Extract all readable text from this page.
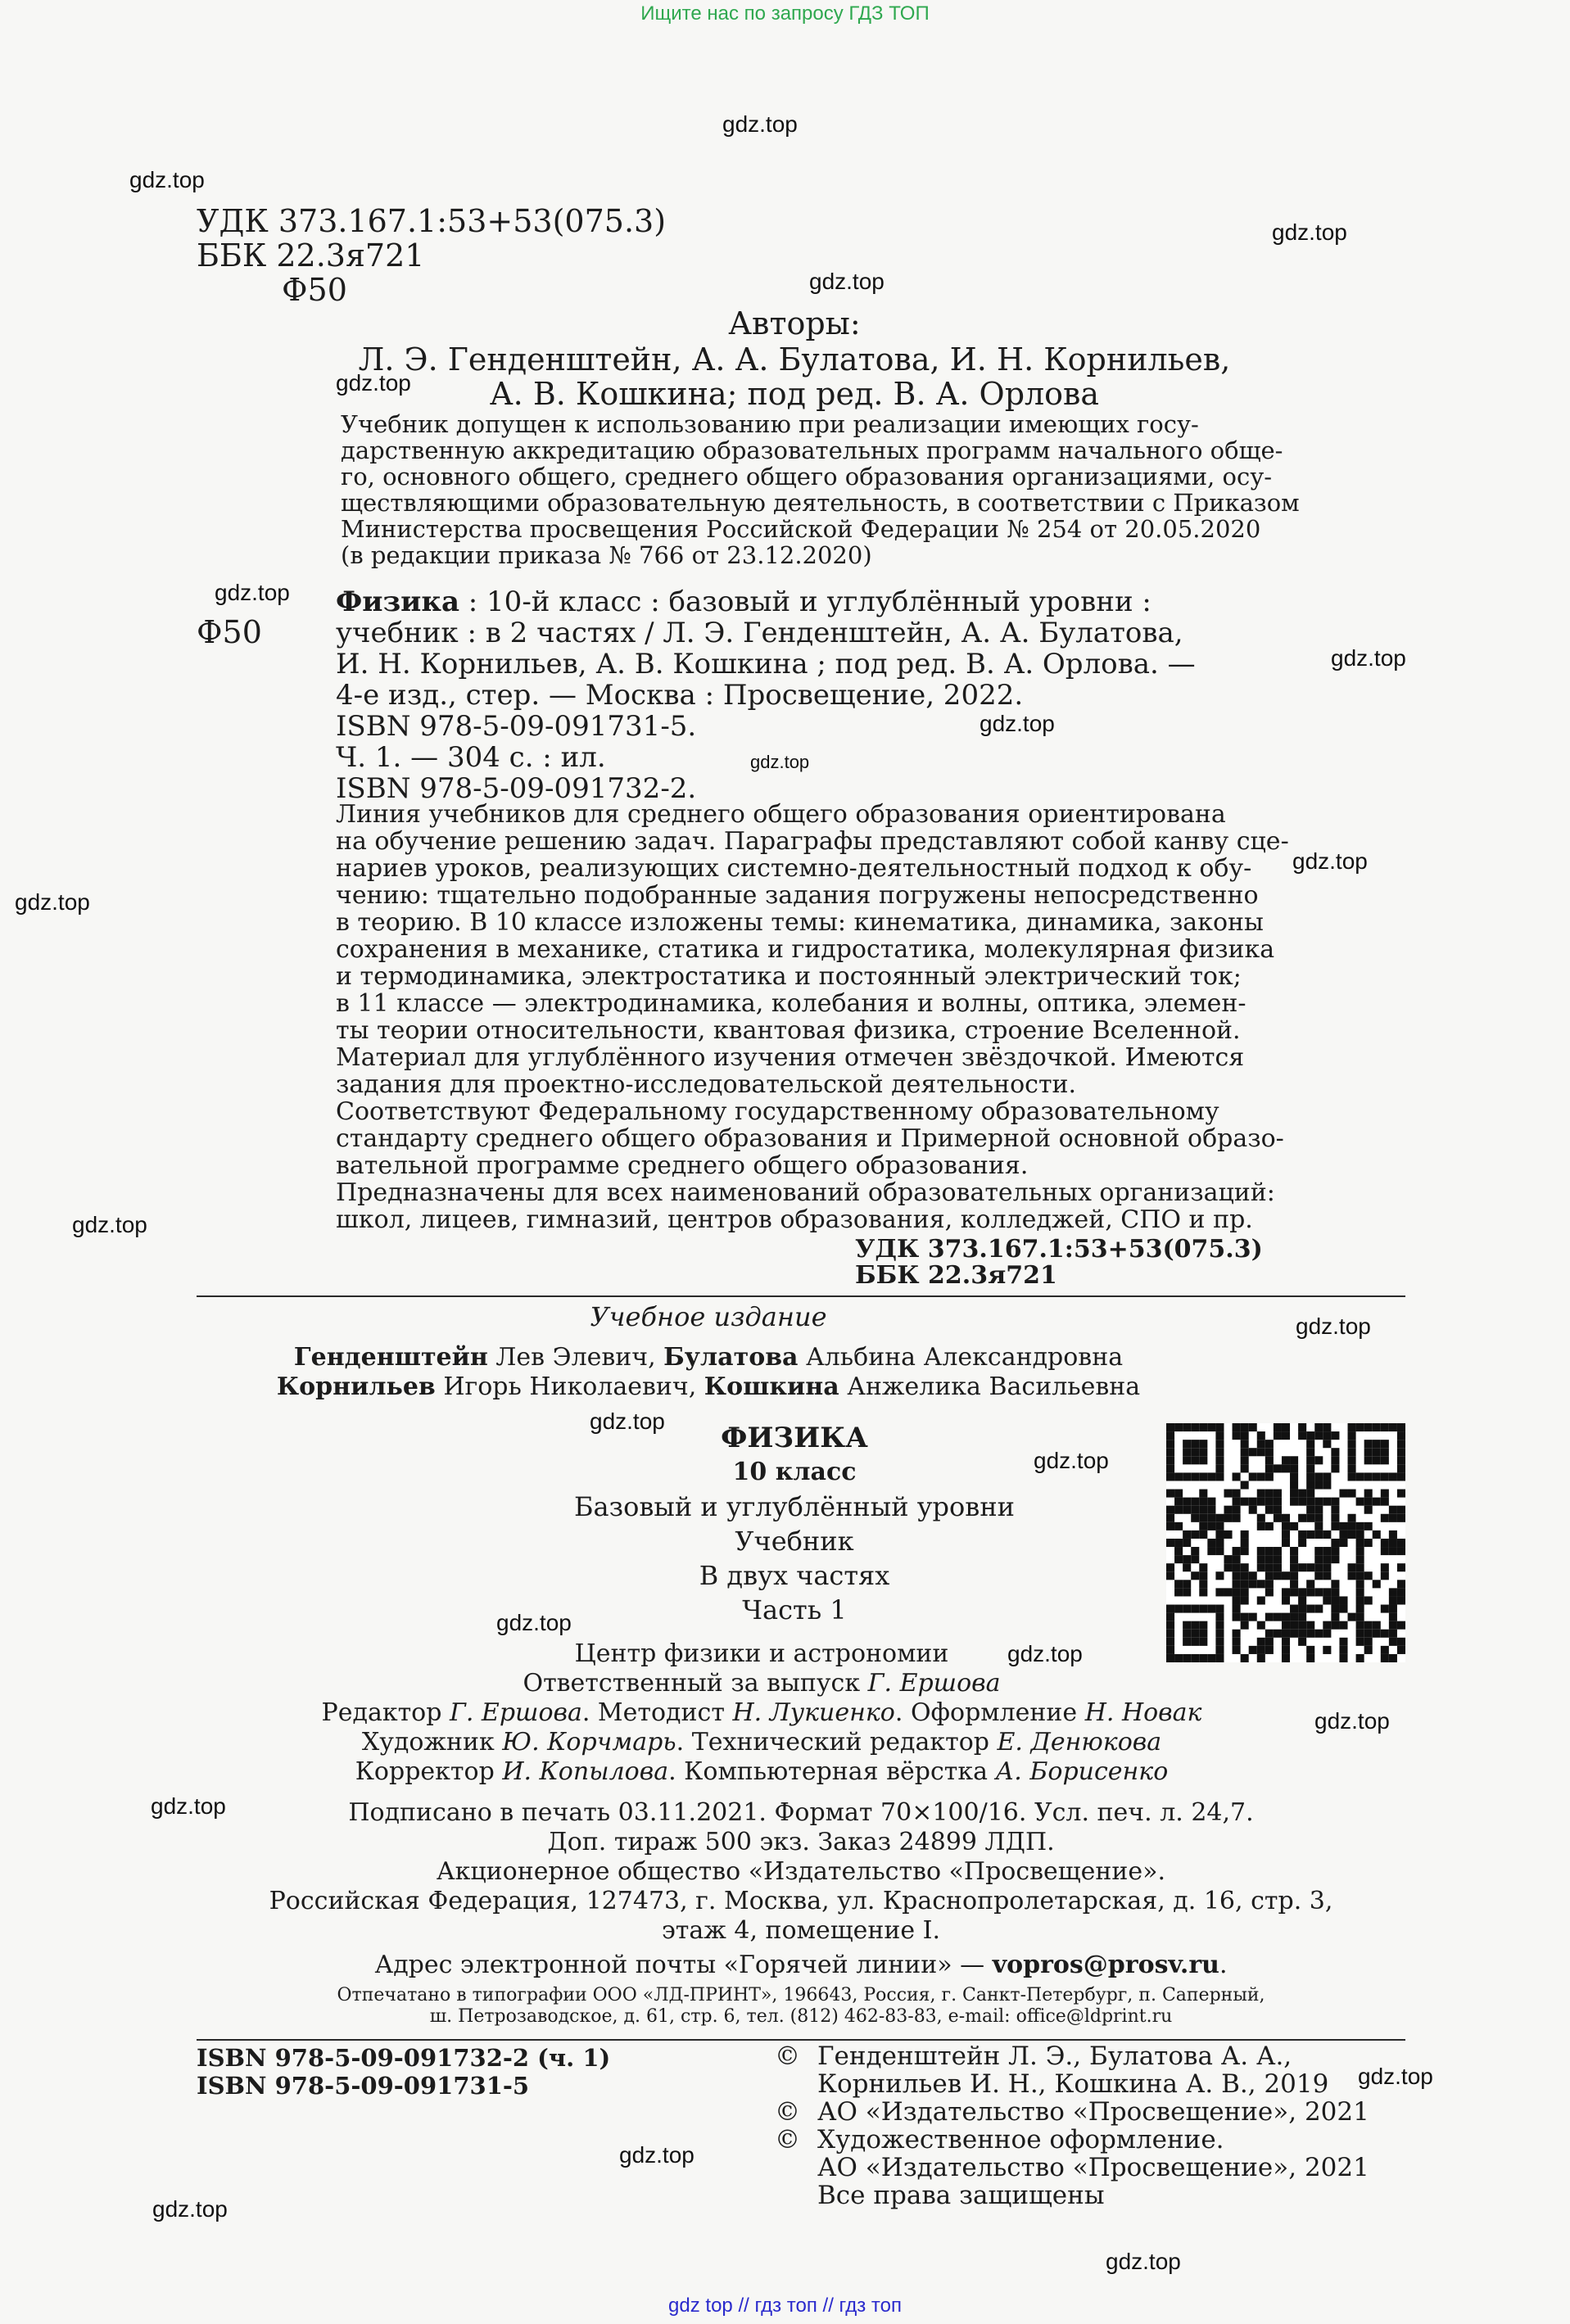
Ищите нас по запросу ГДЗ ТОП
gdz.top
gdz.top
gdz.top
gdz.top
gdz.top
gdz.top
gdz.top
gdz.top
gdz.top
gdz.top
gdz.top
gdz.top
gdz.top
gdz.top
gdz.top
gdz.top
gdz.top
gdz.top
gdz.top
gdz.top
gdz.top
gdz.top
gdz.top
УДК 373.167.1:53+53(075.3)
ББК 22.3я721
Ф50
Авторы:
Л. Э. Генденштейн, А. А. Булатова, И. Н. Корнильев,
А. В. Кошкина; под ред. В. А. Орлова
Учебник допущен к использованию при реализации имеющих госу-
дарственную аккредитацию образовательных программ начального обще-
го, основного общего, среднего общего образования организациями, осу-
ществляющими образовательную деятельность, в соответствии с Приказом
Министерства просвещения Российской Федерации № 254 от 20.05.2020
(в редакции приказа № 766 от 23.12.2020)
Ф50
Физика : 10-й класс : базовый и углублённый уровни :
учебник : в 2 частях / Л. Э. Генденштейн, А. А. Булатова,
И. Н. Корнильев, А. В. Кошкина ; под ред. В. А. Орлова. —
4-е изд., стер. — Москва : Просвещение, 2022.
ISBN 978-5-09-091731-5.
Ч. 1. — 304 с. : ил.
ISBN 978-5-09-091732-2.
Линия учебников для среднего общего образования ориентирована
на обучение решению задач. Параграфы представляют собой канву сце-
нариев уроков, реализующих системно-деятельностный подход к обу-
чению: тщательно подобранные задания погружены непосредственно
в теорию. В 10 классе изложены темы: кинематика, динамика, законы
сохранения в механике, статика и гидростатика, молекулярная физика
и термодинамика, электростатика и постоянный электрический ток;
в 11 классе — электродинамика, колебания и волны, оптика, элемен-
ты теории относительности, квантовая физика, строение Вселенной.
Материал для углублённого изучения отмечен звёздочкой. Имеются
задания для проектно-исследовательской деятельности.
Соответствуют Федеральному государственному образовательному
стандарту среднего общего образования и Примерной основной образо-
вательной программе среднего общего образования.
Предназначены для всех наименований образовательных организаций:
школ, лицеев, гимназий, центров образования, колледжей, СПО и пр.
УДК 373.167.1:53+53(075.3)
ББК 22.3я721
Учебное издание
Генденштейн Лев Элевич, Булатова Альбина Александровна
Корнильев Игорь Николаевич, Кошкина Анжелика Васильевна
ФИЗИКА
10 класс
Базовый и углублённый уровни
Учебник
В двух частях
Часть 1
Центр физики и астрономии
Ответственный за выпуск Г. Ершова
Редактор Г. Ершова. Методист Н. Лукиенко. Оформление Н. Новак
Художник Ю. Корчмарь. Технический редактор Е. Денюкова
Корректор И. Копылова. Компьютерная вёрстка А. Борисенко
Подписано в печать 03.11.2021. Формат 70×100/16. Усл. печ. л. 24,7.
Доп. тираж 500 экз. Заказ 24899 ЛДП.
Акционерное общество «Издательство «Просвещение».
Российская Федерация, 127473, г. Москва, ул. Краснопролетарская, д. 16, стр. 3,
этаж 4, помещение I.
Адрес электронной почты «Горячей линии» — vopros@prosv.ru.
Отпечатано в типографии ООО «ЛД-ПРИНТ», 196643, Россия, г. Санкт-Петербург, п. Саперный,
ш. Петрозаводское, д. 61, стр. 6, тел. (812) 462-83-83, e-mail: office@ldprint.ru
ISBN 978-5-09-091732-2 (ч. 1)
ISBN 978-5-09-091731-5
© Генденштейн Л. Э., Булатова А. А.,
Корнильев И. Н., Кошкина А. В., 2019
© АО «Издательство «Просвещение», 2021
© Художественное оформление.
АО «Издательство «Просвещение», 2021
Все права защищены
gdz top // гдз топ // гдз топ
